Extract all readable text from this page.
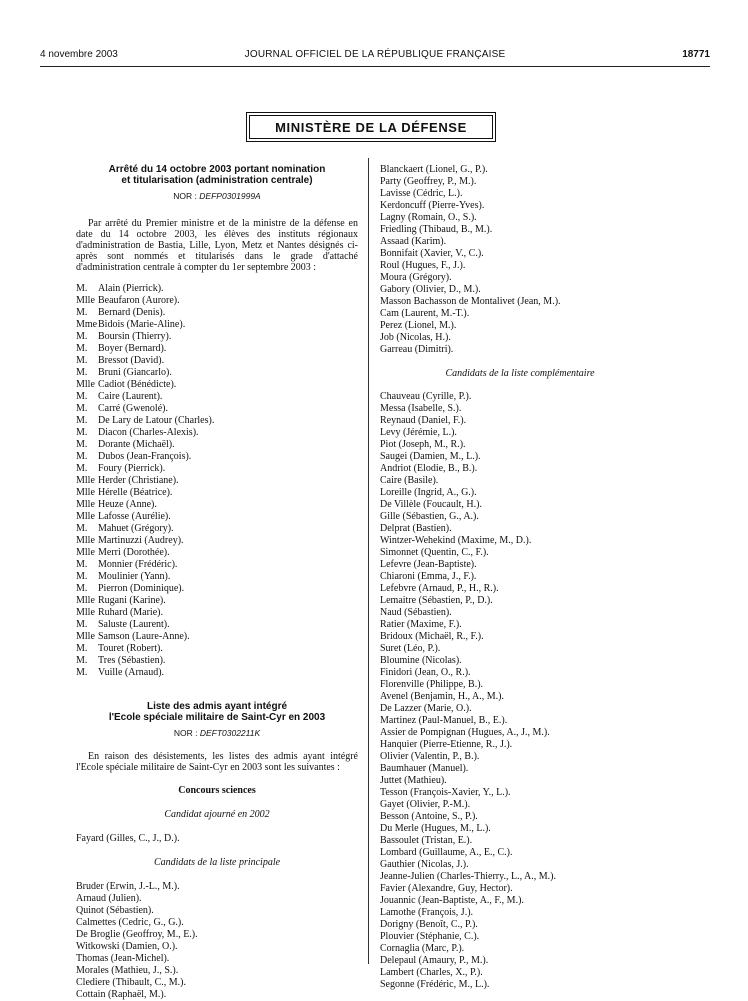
4 novembre 2003	JOURNAL OFFICIEL DE LA RÉPUBLIQUE FRANÇAISE	18771
MINISTÈRE DE LA DÉFENSE
Arrêté du 14 octobre 2003 portant nomination
et titularisation (administration centrale)
NOR : DEFP0301999A

Par arrêté du Premier ministre et de la ministre de la défense en date du 14 octobre 2003, les élèves des instituts régionaux d'administration de Bastia, Lille, Lyon, Metz et Nantes désignés ci-après sont nommés et titularisés dans le grade d'attaché d'administration centrale à compter du 1er septembre 2003 :

M. Alain (Pierrick).
Mlle Beaufaron (Aurore).
M. Bernard (Denis).
MmeBidois (Marie-Aline).
M. Boursin (Thierry).
M. Boyer (Bernard).
M. Bressot (David).
M. Bruni (Giancarlo).
Mlle Cadiot (Bénédicte).
M. Caire (Laurent).
M. Carré (Gwenolé).
M. De Lary de Latour (Charles).
M. Diacon (Charles-Alexis).
M. Dorante (Michaël).
M. Dubos (Jean-François).
M. Foury (Pierrick).
Mlle Herder (Christiane).
Mlle Hérelle (Béatrice).
Mlle Heuze (Anne).
Mlle Lafosse (Aurélie).
M. Mahuet (Grégory).
Mlle Martinuzzi (Audrey).
Mlle Merri (Dorothée).
M. Monnier (Frédéric).
M. Moulinier (Yann).
M. Pierron (Dominique).
Mlle Rugani (Karine).
Mlle Ruhard (Marie).
M. Saluste (Laurent).
Mlle Samson (Laure-Anne).
M. Touret (Robert).
M. Tres (Sébastien).
M. Vuille (Arnaud).
Liste des admis ayant intégré
l'Ecole spéciale militaire de Saint-Cyr en 2003
NOR : DEFT0302211K

En raison des désistements, les listes des admis ayant intégré l'Ecole spéciale militaire de Saint-Cyr en 2003 sont les suivantes :

Concours sciences
Candidat ajourné en 2002
Fayard (Gilles, C., J., D.).
Candidats de la liste principale
Bruder (Erwin, J.-L., M.).
Arnaud (Julien).
Quinot (Sébastien).
Calmettes (Cedric, G., G.).
De Broglie (Geoffroy, M., E.).
Witkowski (Damien, O.).
Thomas (Jean-Michel).
Morales (Mathieu, J., S.).
Clediere (Thibault, C., M.).
Cottain (Raphaël, M.).
Blanckaert (Lionel, G., P.).
Party (Geoffrey, P., M.).
Lavisse (Cédric, L.).
Kerdoncuff (Pierre-Yves).
Lagny (Romain, O., S.).
Friedling (Thibaud, B., M.).
Assaad (Karim).
Bonnifait (Xavier, V., C.).
Roul (Hugues, F., J.).
Moura (Grégory).
Gabory (Olivier, D., M.).
Masson Bachasson de Montalivet (Jean, M.).
Cam (Laurent, M.-T.).
Perez (Lionel, M.).
Job (Nicolas, H.).
Garreau (Dimitri).
Candidats de la liste complémentaire
Chauveau (Cyrille, P.).
Messa (Isabelle, S.).
Reynaud (Daniel, F.).
Levy (Jérémie, L.).
Piot (Joseph, M., R.).
Saugei (Damien, M., L.).
Andriot (Elodie, B., B.).
Caire (Basile).
Loreille (Ingrid, A., G.).
De Villèle (Foucault, H.).
Gille (Sébastien, G., A.).
Delprat (Bastien).
Wintzer-Wehekind (Maxime, M., D.).
Simonnet (Quentin, C., F.).
Lefevre (Jean-Baptiste).
Chiaroni (Emma, J., F.).
Lefebvre (Arnaud, P., H., R.).
Lemaitre (Sébastien, P., D.).
Naud (Sébastien).
Ratier (Maxime, F.).
Bridoux (Michaël, R., F.).
Suret (Léo, P.).
Bloumine (Nicolas).
Finidori (Jean, O., R.).
Florenville (Philippe, B.).
Avenel (Benjamin, H., A., M.).
De Lazzer (Marie, O.).
Martinez (Paul-Manuel, B., E.).
Assier de Pompignan (Hugues, A., J., M.).
Hanquier (Pierre-Etienne, R., J.).
Olivier (Valentin, P., B.).
Baumhauer (Manuel).
Juttet (Mathieu).
Tesson (François-Xavier, Y., L.).
Gayet (Olivier, P.-M.).
Besson (Antoine, S., P.).
Du Merle (Hugues, M., L.).
Bassoulet (Tristan, E.).
Lombard (Guillaume, A., E., C.).
Gauthier (Nicolas, J.).
Jeanne-Julien (Charles-Thierry., L., A., M.).
Favier (Alexandre, Guy, Hector).
Jouannic (Jean-Baptiste, A., F., M.).
Lamothe (François, J.).
Dorigny (Benoît, C., P.).
Plouvier (Stéphanie, C.).
Cornaglia (Marc, P.).
Delepaul (Amaury, P., M.).
Lambert (Charles, X., P.).
Segonne (Frédéric, M., L.).
